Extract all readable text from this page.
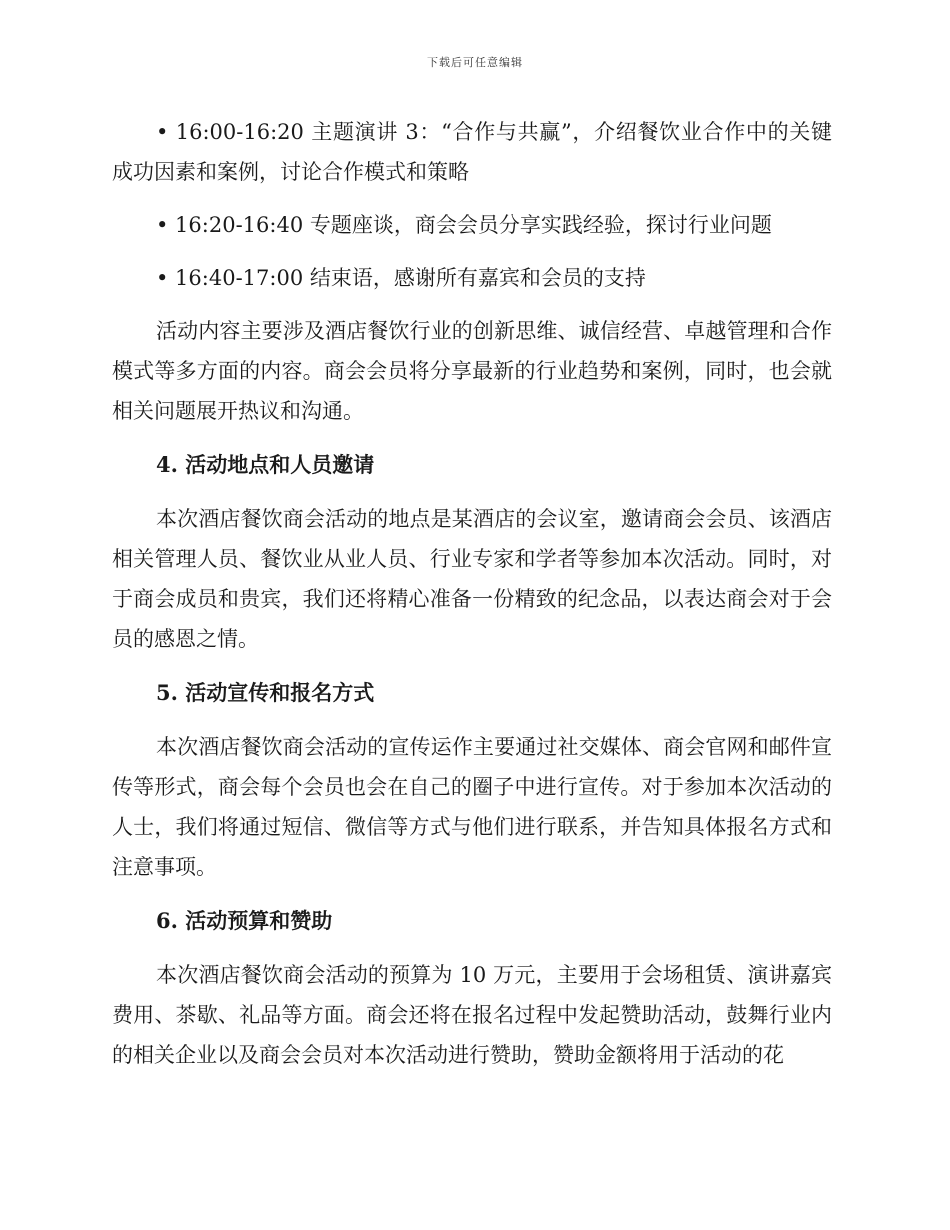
下载后可任意编辑

• 16:00-16:20 主题演讲 3：“合作与共赢”，介绍餐饮业合作中的关键成功因素和案例，讨论合作模式和策略

• 16:20-16:40 专题座谈，商会会员分享实践经验，探讨行业问题

• 16:40-17:00 结束语，感谢所有嘉宾和会员的支持

活动内容主要涉及酒店餐饮行业的创新思维、诚信经营、卓越管理和合作模式等多方面的内容。商会会员将分享最新的行业趋势和案例，同时，也会就相关问题展开热议和沟通。

4. 活动地点和人员邀请

本次酒店餐饮商会活动的地点是某酒店的会议室，邀请商会会员、该酒店相关管理人员、餐饮业从业人员、行业专家和学者等参加本次活动。同时，对于商会成员和贵宾，我们还将精心准备一份精致的纪念品，以表达商会对于会员的感恩之情。

5. 活动宣传和报名方式

本次酒店餐饮商会活动的宣传运作主要通过社交媒体、商会官网和邮件宣传等形式，商会每个会员也会在自己的圈子中进行宣传。对于参加本次活动的人士，我们将通过短信、微信等方式与他们进行联系，并告知具体报名方式和注意事项。

6. 活动预算和赞助

本次酒店餐饮商会活动的预算为 10 万元，主要用于会场租赁、演讲嘉宾费用、茶歇、礼品等方面。商会还将在报名过程中发起赞助活动，鼓舞行业内的相关企业以及商会会员对本次活动进行赞助，赞助金额将用于活动的花
